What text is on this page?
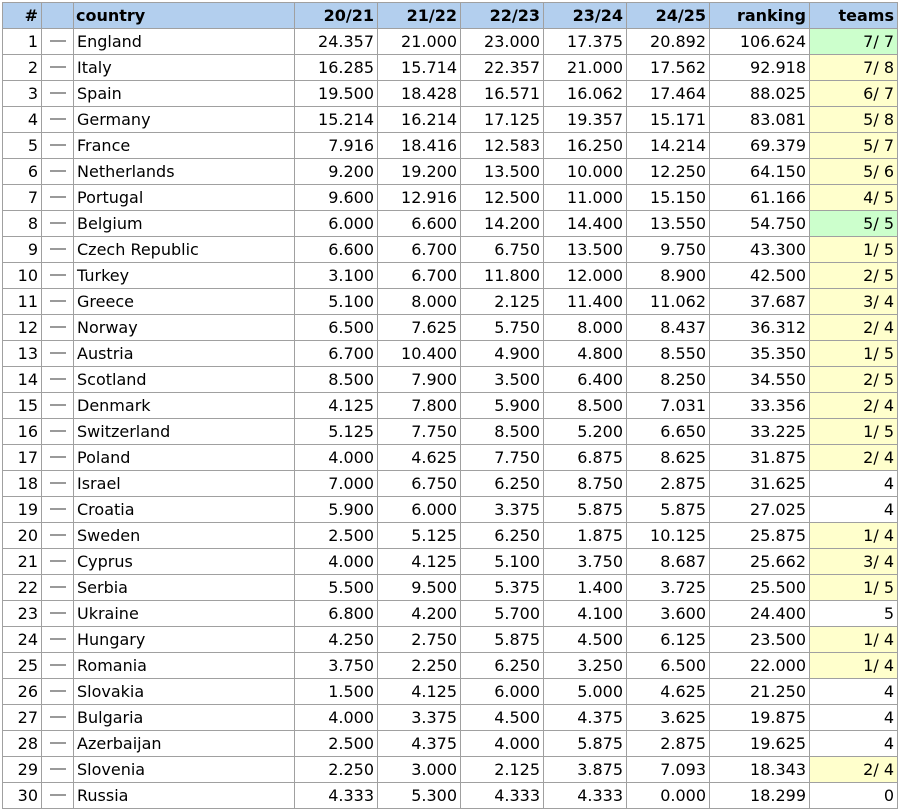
#		country	20/21	21/22	22/23	23/24	24/25	ranking	teams
1		England	24.357	21.000	23.000	17.375	20.892	106.624	7/ 7
2		Italy	16.285	15.714	22.357	21.000	17.562	92.918	7/ 8
3		Spain	19.500	18.428	16.571	16.062	17.464	88.025	6/ 7
4		Germany	15.214	16.214	17.125	19.357	15.171	83.081	5/ 8
5		France	7.916	18.416	12.583	16.250	14.214	69.379	5/ 7
6		Netherlands	9.200	19.200	13.500	10.000	12.250	64.150	5/ 6
7		Portugal	9.600	12.916	12.500	11.000	15.150	61.166	4/ 5
8		Belgium	6.000	6.600	14.200	14.400	13.550	54.750	5/ 5
9		Czech Republic	6.600	6.700	6.750	13.500	9.750	43.300	1/ 5
10		Turkey	3.100	6.700	11.800	12.000	8.900	42.500	2/ 5
11		Greece	5.100	8.000	2.125	11.400	11.062	37.687	3/ 4
12		Norway	6.500	7.625	5.750	8.000	8.437	36.312	2/ 4
13		Austria	6.700	10.400	4.900	4.800	8.550	35.350	1/ 5
14		Scotland	8.500	7.900	3.500	6.400	8.250	34.550	2/ 5
15		Denmark	4.125	7.800	5.900	8.500	7.031	33.356	2/ 4
16		Switzerland	5.125	7.750	8.500	5.200	6.650	33.225	1/ 5
17		Poland	4.000	4.625	7.750	6.875	8.625	31.875	2/ 4
18		Israel	7.000	6.750	6.250	8.750	2.875	31.625	4
19		Croatia	5.900	6.000	3.375	5.875	5.875	27.025	4
20		Sweden	2.500	5.125	6.250	1.875	10.125	25.875	1/ 4
21		Cyprus	4.000	4.125	5.100	3.750	8.687	25.662	3/ 4
22		Serbia	5.500	9.500	5.375	1.400	3.725	25.500	1/ 5
23		Ukraine	6.800	4.200	5.700	4.100	3.600	24.400	5
24		Hungary	4.250	2.750	5.875	4.500	6.125	23.500	1/ 4
25		Romania	3.750	2.250	6.250	3.250	6.500	22.000	1/ 4
26		Slovakia	1.500	4.125	6.000	5.000	4.625	21.250	4
27		Bulgaria	4.000	3.375	4.500	4.375	3.625	19.875	4
28		Azerbaijan	2.500	4.375	4.000	5.875	2.875	19.625	4
29		Slovenia	2.250	3.000	2.125	3.875	7.093	18.343	2/ 4
30		Russia	4.333	5.300	4.333	4.333	0.000	18.299	0
